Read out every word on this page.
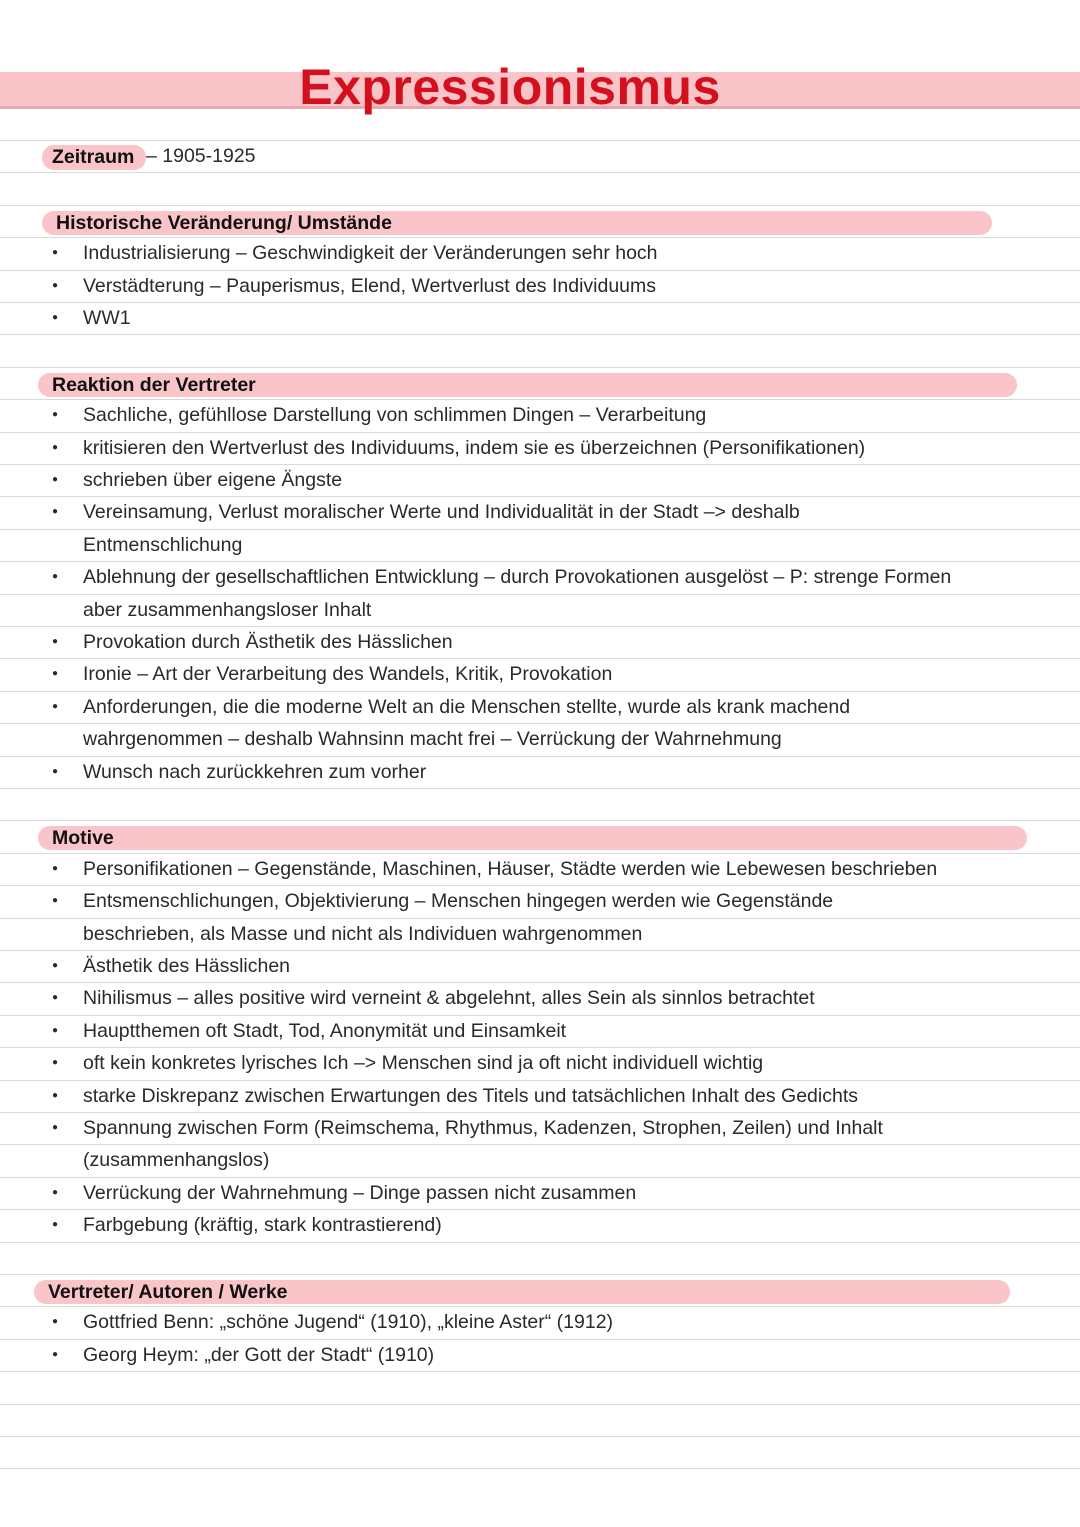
Expressionismus
Zeitraum – 1905-1925
Historische Veränderung/ Umstände
● Industrialisierung – Geschwindigkeit der Veränderungen sehr hoch
● Verstädterung – Pauperismus, Elend, Wertverlust des Individuums
● WW1
Reaktion der Vertreter
● Sachliche, gefühllose Darstellung von schlimmen Dingen – Verarbeitung
● kritisieren den Wertverlust des Individuums, indem sie es überzeichnen (Personifikationen)
● schrieben über eigene Ängste
● Vereinsamung, Verlust moralischer Werte und Individualität in der Stadt –> deshalb
Entmenschlichung
● Ablehnung der gesellschaftlichen Entwicklung – durch Provokationen ausgelöst – P: strenge Formen
aber zusammenhangsloser Inhalt
● Provokation durch Ästhetik des Hässlichen
● Ironie – Art der Verarbeitung des Wandels, Kritik, Provokation
● Anforderungen, die die moderne Welt an die Menschen stellte, wurde als krank machend
wahrgenommen – deshalb Wahnsinn macht frei – Verrückung der Wahrnehmung
● Wunsch nach zurückkehren zum vorher
Motive
● Personifikationen – Gegenstände, Maschinen, Häuser, Städte werden wie Lebewesen beschrieben
● Entsmenschlichungen, Objektivierung – Menschen hingegen werden wie Gegenstände
beschrieben, als Masse und nicht als Individuen wahrgenommen
● Ästhetik des Hässlichen
● Nihilismus – alles positive wird verneint & abgelehnt, alles Sein als sinnlos betrachtet
● Hauptthemen oft Stadt, Tod, Anonymität und Einsamkeit
● oft kein konkretes lyrisches Ich –> Menschen sind ja oft nicht individuell wichtig
● starke Diskrepanz zwischen Erwartungen des Titels und tatsächlichen Inhalt des Gedichts
● Spannung zwischen Form (Reimschema, Rhythmus, Kadenzen, Strophen, Zeilen) und Inhalt
(zusammenhangslos)
● Verrückung der Wahrnehmung – Dinge passen nicht zusammen
● Farbgebung (kräftig, stark kontrastierend)
Vertreter/ Autoren / Werke
● Gottfried Benn: „schöne Jugend“ (1910), „kleine Aster“ (1912)
● Georg Heym: „der Gott der Stadt“ (1910)
